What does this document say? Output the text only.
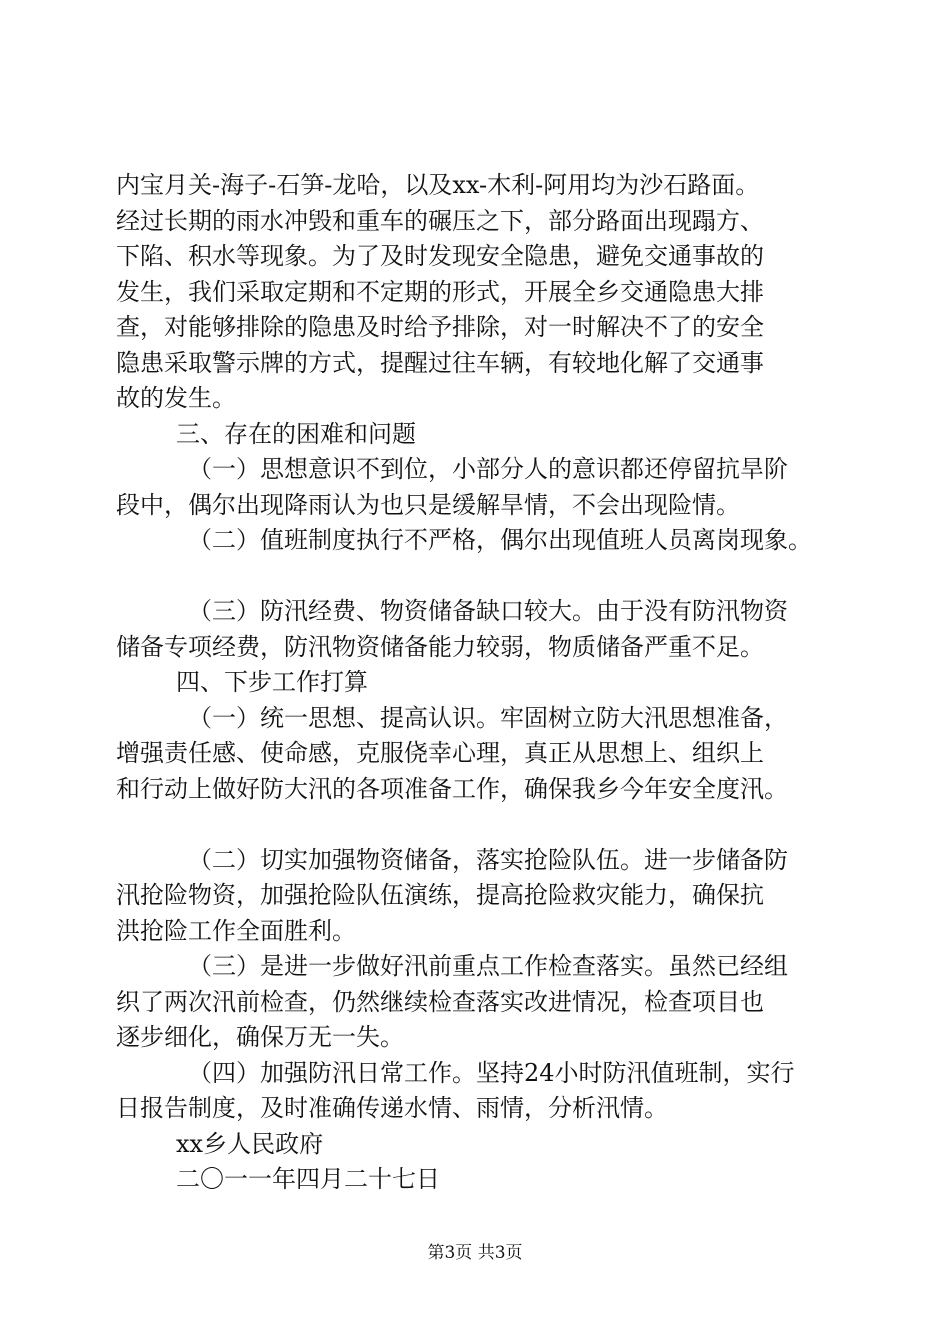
内宝月关-海子-石笋-龙哈，以及xx-木利-阿用均为沙石路面。

经过长期的雨水冲毁和重车的碾压之下，部分路面出现蹋方、

下陷、积水等现象。为了及时发现安全隐患，避免交通事故的

发生，我们采取定期和不定期的形式，开展全乡交通隐患大排

查，对能够排除的隐患及时给予排除，对一时解决不了的安全

隐患采取警示牌的方式，提醒过往车辆，有较地化解了交通事

故的发生。

三、存在的困难和问题

（一）思想意识不到位，小部分人的意识都还停留抗旱阶

段中，偶尔出现降雨认为也只是缓解旱情，不会出现险情。

（二）值班制度执行不严格，偶尔出现值班人员离岗现象。

（三）防汛经费、物资储备缺口较大。由于没有防汛物资

储备专项经费，防汛物资储备能力较弱，物质储备严重不足。

四、下步工作打算

（一）统一思想、提高认识。牢固树立防大汛思想准备，

增强责任感、使命感，克服侥幸心理，真正从思想上、组织上

和行动上做好防大汛的各项准备工作，确保我乡今年安全度汛。

（二）切实加强物资储备，落实抢险队伍。进一步储备防

汛抢险物资，加强抢险队伍演练，提高抢险救灾能力，确保抗

洪抢险工作全面胜利。

（三）是进一步做好汛前重点工作检查落实。虽然已经组

织了两次汛前检查，仍然继续检查落实改进情况，检查项目也

逐步细化，确保万无一失。

（四）加强防汛日常工作。坚持24小时防汛值班制，实行

日报告制度，及时准确传递水情、雨情，分析汛情。

xx乡人民政府

二〇一一年四月二十七日

第3页 共3页
